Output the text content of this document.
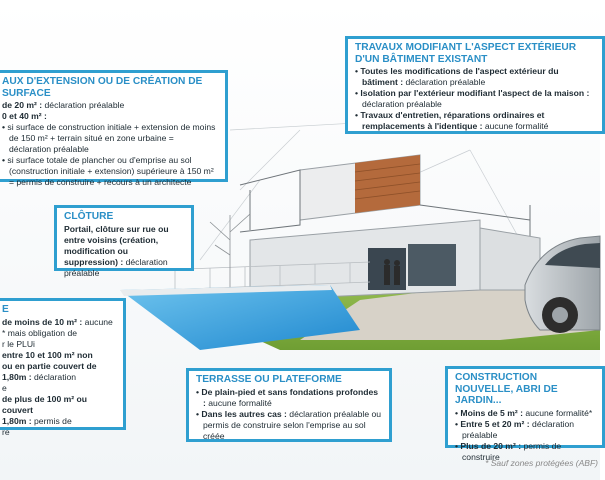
AUX D'EXTENSION OU DE CRÉATION DE SURFACE
de 20 m² : déclaration préalable
0 et 40 m² :
• si surface de construction initiale + extension de moins de 150 m² + terrain situé en zone urbaine = déclaration préalable
• si surface totale de plancher ou d'emprise au sol (construction initiale + extension) supérieure à 150 m² = permis de construire + recours à un architecte
TRAVAUX MODIFIANT L'ASPECT EXTÉRIEUR D'UN BÂTIMENT EXISTANT
• Toutes les modifications de l'aspect extérieur du bâtiment : déclaration préalable
• Isolation par l'extérieur modifiant l'aspect de la maison : déclaration préalable
• Travaux d'entretien, réparations ordinaires et remplacements à l'identique : aucune formalité
CLÔTURE
Portail, clôture sur rue ou entre voisins (création, modification ou suppression) : déclaration préalable
E
de moins de 10 m² : aucune
* mais obligation de
r le PLUi
entre 10 et 100 m² non
ou en partie couvert de
1,80m : déclaration
e
de plus de 100 m² ou couvert
1,80m : permis de
re
TERRASSE OU PLATEFORME
• De plain-pied et sans fondations profondes : aucune formalité
• Dans les autres cas : déclaration préalable ou permis de construire selon l'emprise au sol créée
CONSTRUCTION NOUVELLE, ABRI DE JARDIN...
• Moins de 5 m² : aucune formalité*
• Entre 5 et 20 m² : déclaration préalable
• Plus de 20 m² : permis de construire
* Sauf zones protégées (ABF)
